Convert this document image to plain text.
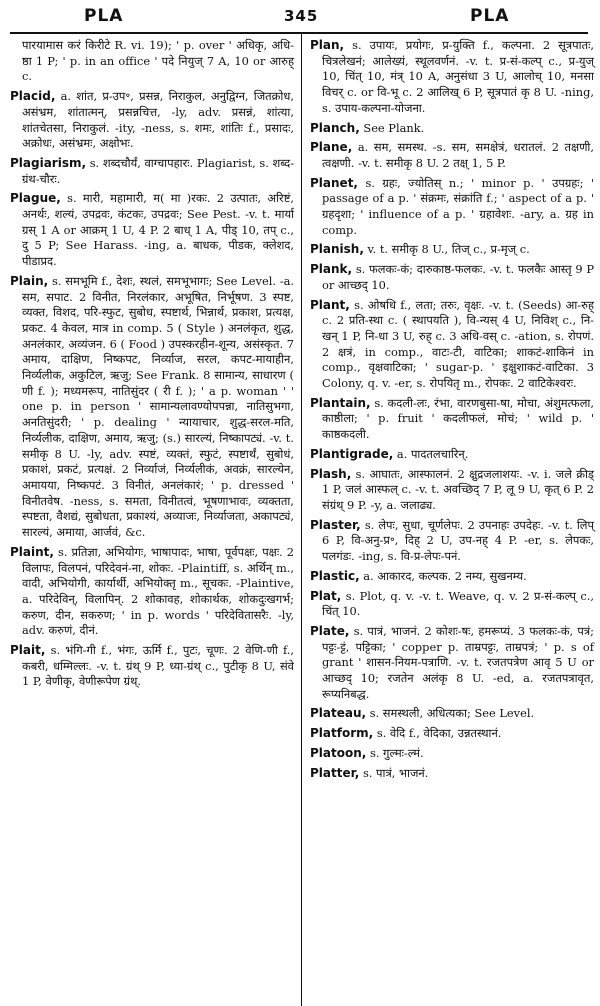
PLA	345	PLA

पारयामास करं किरीटे R. vi. 19); ' p. over ' अधिकृ, अधि-ष्ठा 1 P; ' p. in an office ' पदे नियुज् 7 A, 10 or आरुह् c.

Placid, a. शांत, प्र-उप॰, प्रसन्न, निराकुल, अनुद्विग्न, जितक्रोध, असंभ्रम, शांतात्मन्, प्रसन्नचित्त, -ly, adv. प्रसन्नं, शांत्या, शांतचेतसा, निराकुलं. -ity, -ness, s. शमः, शांतिः f., प्रसादः, अक्रोधः, असंभ्रमः, अक्षोभः.

Plagiarism, s. शब्दचौर्यं, वाग्चापहारः. Plagiarist, s. शब्द-ग्रंथ-चौरः.

Plague, s. मारी, महामारी, म( मा )रकः. 2 उत्पातः, अरिष्टं, अनर्थः, शल्यं, उपद्रवः, कंटकः, उपद्रवः; See Pest. -v. t. मार्या ग्रस् 1 A or आक्रम् 1 U, 4 P. 2 बाध् 1 A, पीड् 10, तप् c., दु 5 P; See Harass. -ing, a. बाधक, पीडक, क्लेशद, पीडाप्रद.

Plain, s. समभूमि f., देशः, स्थलं, समभूभागः; See Level. -a. सम, सपाट. 2 विनीत, निरलंकार, अभूषित, निर्भूषण. 3 स्पष्ट, व्यक्त, विशद, परि-स्फुट, सुबोध, स्पष्टार्थ, भिन्नार्थ, प्रकाश, प्रत्यक्ष, प्रकट. 4 केवल, मात्र in comp. 5 ( Style ) अनलंकृत, शुद्ध, अनलंकार, अव्यंजन. 6 ( Food ) उपस्करहीन-शून्य, असंस्कृत. 7 अमाय, दाक्षिण, निष्कपट, निर्व्याज, सरल, कपट-मायाहीन, निर्व्यलीक, अकुटिल, ऋजु; See Frank. 8 सामान्य, साधारण ( णी f. ); मध्यमरूप, नातिसुंदर ( री f. ); ' a p. woman ' ' one p. in person ' सामान्यलावण्योपपन्ना, नातिसुभगा, अनतिसुंदरी; ' p. dealing ' न्यायाचार, शुद्ध-सरल-मति, निर्व्यलीक, दाक्षिण, अमाय, ऋजु; (s.) सारल्यं, निष्कापट्यं. -v. t. समीकृ 8 U. -ly, adv. स्पष्टं, व्यक्तं, स्फुटं, स्पष्टार्थं, सुबोधं, प्रकाशं, प्रकटं, प्रत्यक्षं. 2 निर्व्याजं, निर्व्यलीकं, अवक्रं, सारल्येन, अमायया, निष्कपटं. 3 विनीतं, अनलंकारं; ' p. dressed ' विनीतवेष. -ness, s. समता, विनीतत्वं, भूषणाभावः, व्यक्तता, स्पष्टता, वैशद्यं, सुबोधता, प्रकाश्यं, अव्याजः, निर्व्याजता, अकापट्यं, सारल्यं, अमाया, आर्जवं, &c.

Plaint, s. प्रतिज्ञा, अभियोगः, भाषापादः, भाषा, पूर्वपक्षः, पक्षः. 2 विलापः, विलपनं, परिदेवनं-ना, शोकः. -Plaintiff, s. अर्थिन् m., वादी, अभियोगी, कार्यार्थी, अभियोक्तृ m., सूचकः. -Plaintive, a. परिदेविन्, विलापिन्. 2 शोकावह, शोकार्थक, शोकदुःखगर्भ; करुण, दीन, सकरुण; ' in p. words ' परिदेवितासरैः. -ly, adv. करुणं, दीनं.

Plait, s. भंगि-गी f., भंगः, ऊर्मि f., पुटः, चूणः. 2 वेणि-णी f., कबरी, धम्मिल्लः. -v. t. ग्रंथ् 9 P, ध्या-ग्रंथ् c., पुटीकृ 8 U, संवे 1 P, वेणीकृ, वेणीरूपेण ग्रंथ्.

Plan, s. उपायः, प्रयोगः, प्र-युक्ति f., कल्पना. 2 सूत्रपातः, चित्रलेखनं; आलेख्यं, स्थूलवर्णनं. -v. t. प्र-सं-कल्प् c., प्र-युज् 10, चिंत् 10, मंत्र् 10 A, अनुसंधा 3 U, आलोच् 10, मनसा विचर् c. or वि-भू c. 2 आलिख् 6 P, सूत्रपातं कृ 8 U. -ning, s. उपाय-कल्पना-योजना.

Planch, See Plank.

Plane, a. सम, समस्थ. -s. सम, समक्षेत्रं, धरातलं. 2 तक्षणी, त्वक्षणी. -v. t. समीकृ 8 U. 2 तक्ष् 1, 5 P.

Planet, s. ग्रहः, ज्योतिस् n.; ' minor p. ' उपग्रहः; ' passage of a p. ' संक्रमः, संक्रांति f.; ' aspect of a p. ' ग्रहदृशा; ' influence of a p. ' ग्रहावेशः. -ary, a. ग्रह in comp.

Planish, v. t. समीकृ 8 U., तिज् c., प्र-मृज् c.

Plank, s. फलकः-कं; दारुकाष्ठ-फलकः. -v. t. फलकैः आस्तृ 9 P or आच्छद् 10.

Plant, s. ओषधि f., लता; तरुः, वृक्षः. -v. t. (Seeds) आ-रुह् c. 2 प्रति-स्था c. ( स्थापयति ), वि-न्यस् 4 U, निविश् c., नि-खन् 1 P, नि-धा 3 U, रुह् c. 3 अधि-वस् c. -ation, s. रोपणं. 2 क्षत्रं, in comp., वाटः-टी, वाटिका; शाकटं-शाकिनं in comp., वृक्षवाटिका; ' sugar-p. ' इक्षुशाकटं-वाटिका. 3 Colony, q. v. -er, s. रोपयितृ m., रोपकः. 2 वाटिकेश्वरः.

Plantain, s. कदली-लः, रंभा, वारणबुसा-षा, मोचा, अंशुमत्फला, काष्ठीला; ' p. fruit ' कदलीफलं, मोचं; ' wild p. ' काष्ठकदली.

Plantigrade, a. पादतलचारिन्.

Plash, s. आघातः, आस्फालनं. 2 क्षुद्रजलाशयः. -v. i. जले क्रीड् 1 P, जलं आस्फल् c. -v. t. अवच्छिद् 7 P, लू 9 U, कृत् 6 P. 2 संग्रंथ् 9 P. -y, a. जलाढ्य.

Plaster, s. लेपः, सुधा, चूर्णलेपः. 2 उपनाहः उपदेहः. -v. t. लिप् 6 P, वि-अनु-प्र॰, दिह् 2 U, उप-नह् 4 P. -er, s. लेपकः, पलगंडः. -ing, s. वि-प्र-लेपः-पनं.

Plastic, a. आकारद, कल्पक. 2 नम्य, सुखनम्य.

Plat, s. Plot, q. v. -v. t. Weave, q. v. 2 प्र-सं-कल्प् c., चिंत् 10.

Plate, s. पात्रं, भाजनं. 2 कोशः-षः, हमरूप्यं. 3 फलकः-कं, पत्रं; पट्टः-ट्टं, पट्टिका; ' copper p. ताम्रपट्टः, ताम्रपत्रं; ' p. s of grant ' शासन-नियम-पत्राणि. -v. t. रजतपत्रेण आवृ 5 U or आच्छद् 10; रजतेन अलंकृ 8 U. -ed, a. रजतपत्रावृत, रूप्यनिबद्ध.

Plateau, s. समस्थली, अधित्यका; See Level.

Platform, s. वेदि f., वेदिका, उन्नतस्थानं.

Platoon, s. गुल्मः-ल्मं.

Platter, s. पात्रं, भाजनं.
